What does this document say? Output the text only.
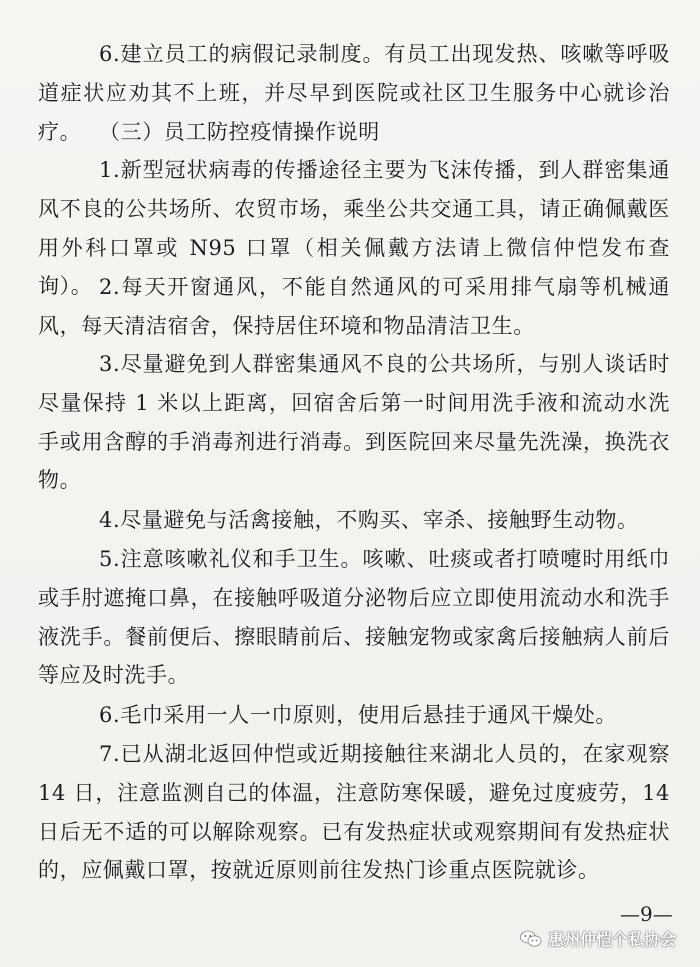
6.建立员工的病假记录制度。有员工出现发热、咳嗽等呼吸道症状应劝其不上班，并尽早到医院或社区卫生服务中心就诊治疗。 （三）员工防控疫情操作说明

1.新型冠状病毒的传播途径主要为飞沫传播，到人群密集通风不良的公共场所、农贸市场，乘坐公共交通工具，请正确佩戴医用外科口罩或 N95 口罩（相关佩戴方法请上微信仲恺发布查询）。 2.每天开窗通风，不能自然通风的可采用排气扇等机械通风，每天清洁宿舍，保持居住环境和物品清洁卫生。

3.尽量避免到人群密集通风不良的公共场所，与别人谈话时尽量保持 1 米以上距离，回宿舍后第一时间用洗手液和流动水洗手或用含醇的手消毒剂进行消毒。到医院回来尽量先洗澡，换洗衣物。

4.尽量避免与活禽接触，不购买、宰杀、接触野生动物。

5.注意咳嗽礼仪和手卫生。咳嗽、吐痰或者打喷嚏时用纸巾或手肘遮掩口鼻，在接触呼吸道分泌物后应立即使用流动水和洗手液洗手。餐前便后、擦眼睛前后、接触宠物或家禽后接触病人前后等应及时洗手。

6.毛巾采用一人一巾原则，使用后悬挂于通风干燥处。

7.已从湖北返回仲恺或近期接触往来湖北人员的，在家观察 14 日，注意监测自己的体温，注意防寒保暖，避免过度疲劳，14 日后无不适的可以解除观察。已有发热症状或观察期间有发热症状的，应佩戴口罩，按就近原则前往发热门诊重点医院就诊。

—9—
惠州仲恺个私协会
